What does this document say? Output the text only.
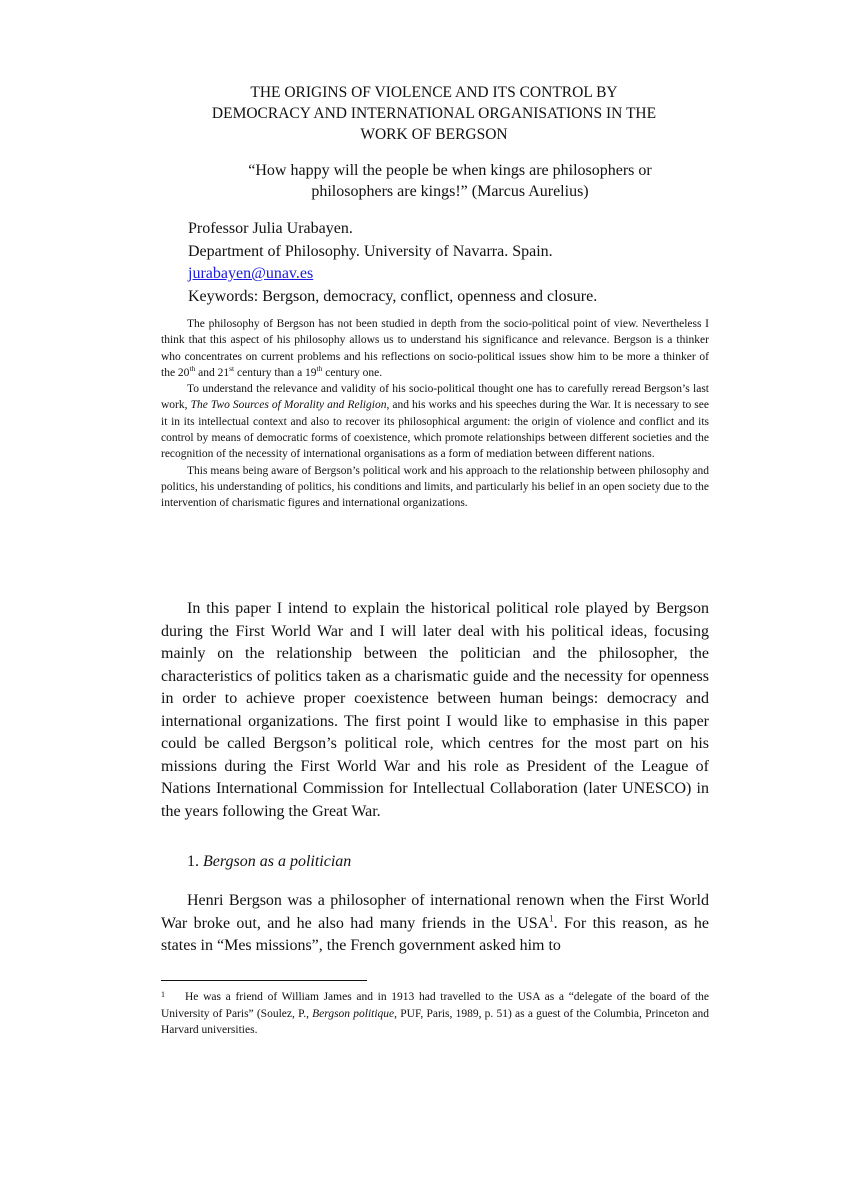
THE ORIGINS OF VIOLENCE AND ITS CONTROL BY
DEMOCRACY AND INTERNATIONAL ORGANISATIONS IN THE
WORK OF BERGSON
“How happy will the people be when kings are philosophers or
philosophers are kings!” (Marcus Aurelius)
Professor Julia Urabayen.
Department of Philosophy. University of Navarra. Spain.
jurabayen@unav.es
Keywords: Bergson, democracy, conflict, openness and closure.

The philosophy of Bergson has not been studied in depth from the socio-political point of view. Nevertheless I think that this aspect of his philosophy allows us to understand his significance and relevance. Bergson is a thinker who concentrates on current problems and his reflections on socio-political issues show him to be more a thinker of the 20th and 21st century than a 19th century one.

To understand the relevance and validity of his socio-political thought one has to carefully reread Bergson’s last work, The Two Sources of Morality and Religion, and his works and his speeches during the War. It is necessary to see it in its intellectual context and also to recover its philosophical argument: the origin of violence and conflict and its control by means of democratic forms of coexistence, which promote relationships between different societies and the recognition of the necessity of international organisations as a form of mediation between different nations.

This means being aware of Bergson’s political work and his approach to the relationship between philosophy and politics, his understanding of politics, his conditions and limits, and particularly his belief in an open society due to the intervention of charismatic figures and international organizations.

In this paper I intend to explain the historical political role played by Bergson during the First World War and I will later deal with his political ideas, focusing mainly on the relationship between the politician and the philosopher, the characteristics of politics taken as a charismatic guide and the necessity for openness in order to achieve proper coexistence between human beings: democracy and international organizations. The first point I would like to emphasise in this paper could be called Bergson’s political role, which centres for the most part on his missions during the First World War and his role as President of the League of Nations International Commission for Intellectual Collaboration (later UNESCO) in the years following the Great War.

1. Bergson as a politician

Henri Bergson was a philosopher of international renown when the First World War broke out, and he also had many friends in the USA$^1$. For this reason, as he states in “Mes missions”, the French government asked him to

1 He was a friend of William James and in 1913 had travelled to the USA as a “delegate of the board of the University of Paris” (Soulez, P., Bergson politique, PUF, Paris, 1989, p. 51) as a guest of the Columbia, Princeton and Harvard universities.
